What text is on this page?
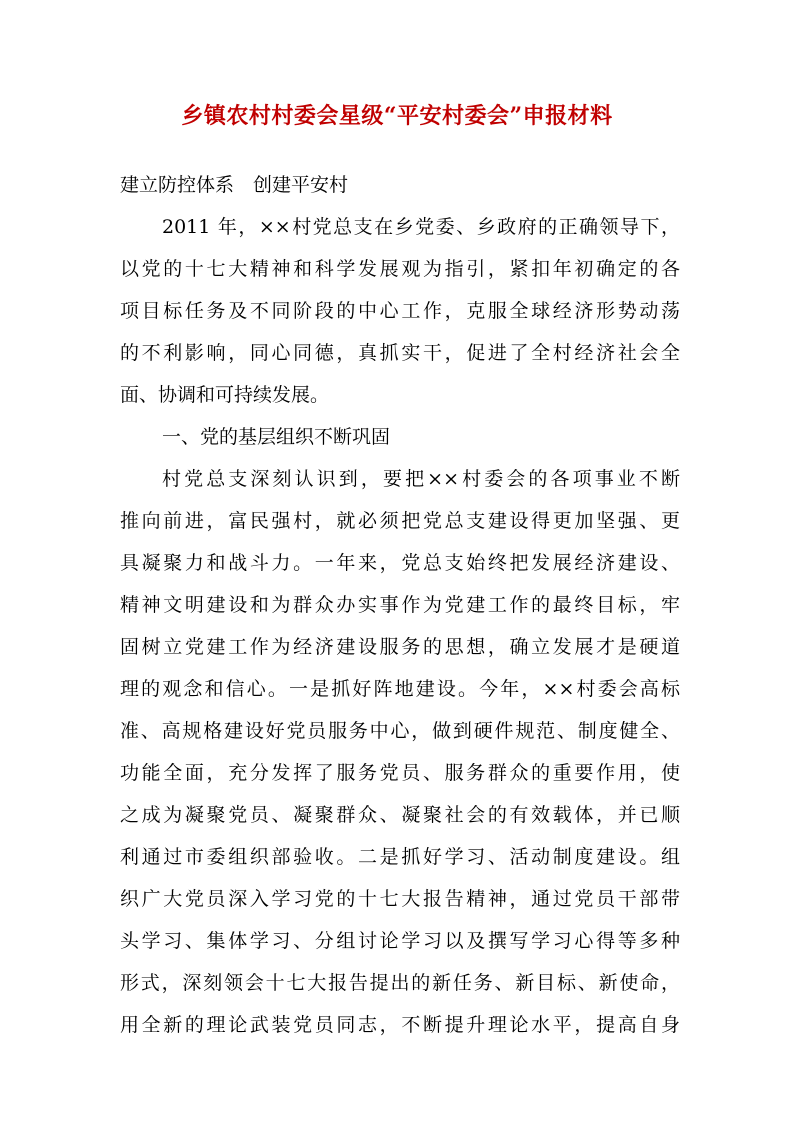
乡镇农村村委会星级“平安村委会”申报材料
建立防控体系　创建平安村
2011 年，××村党总支在乡党委、乡政府的正确领导下，
以党的十七大精神和科学发展观为指引，紧扣年初确定的各
项目标任务及不同阶段的中心工作，克服全球经济形势动荡
的不利影响，同心同德，真抓实干，促进了全村经济社会全
面、协调和可持续发展。
一、党的基层组织不断巩固
村党总支深刻认识到，要把××村委会的各项事业不断
推向前进，富民强村，就必须把党总支建设得更加坚强、更
具凝聚力和战斗力。一年来，党总支始终把发展经济建设、
精神文明建设和为群众办实事作为党建工作的最终目标，牢
固树立党建工作为经济建设服务的思想，确立发展才是硬道
理的观念和信心。一是抓好阵地建设。今年，××村委会高标
准、高规格建设好党员服务中心，做到硬件规范、制度健全、
功能全面，充分发挥了服务党员、服务群众的重要作用，使
之成为凝聚党员、凝聚群众、凝聚社会的有效载体，并已顺
利通过市委组织部验收。二是抓好学习、活动制度建设。组
织广大党员深入学习党的十七大报告精神，通过党员干部带
头学习、集体学习、分组讨论学习以及撰写学习心得等多种
形式，深刻领会十七大报告提出的新任务、新目标、新使命，
用全新的理论武装党员同志，不断提升理论水平，提高自身
